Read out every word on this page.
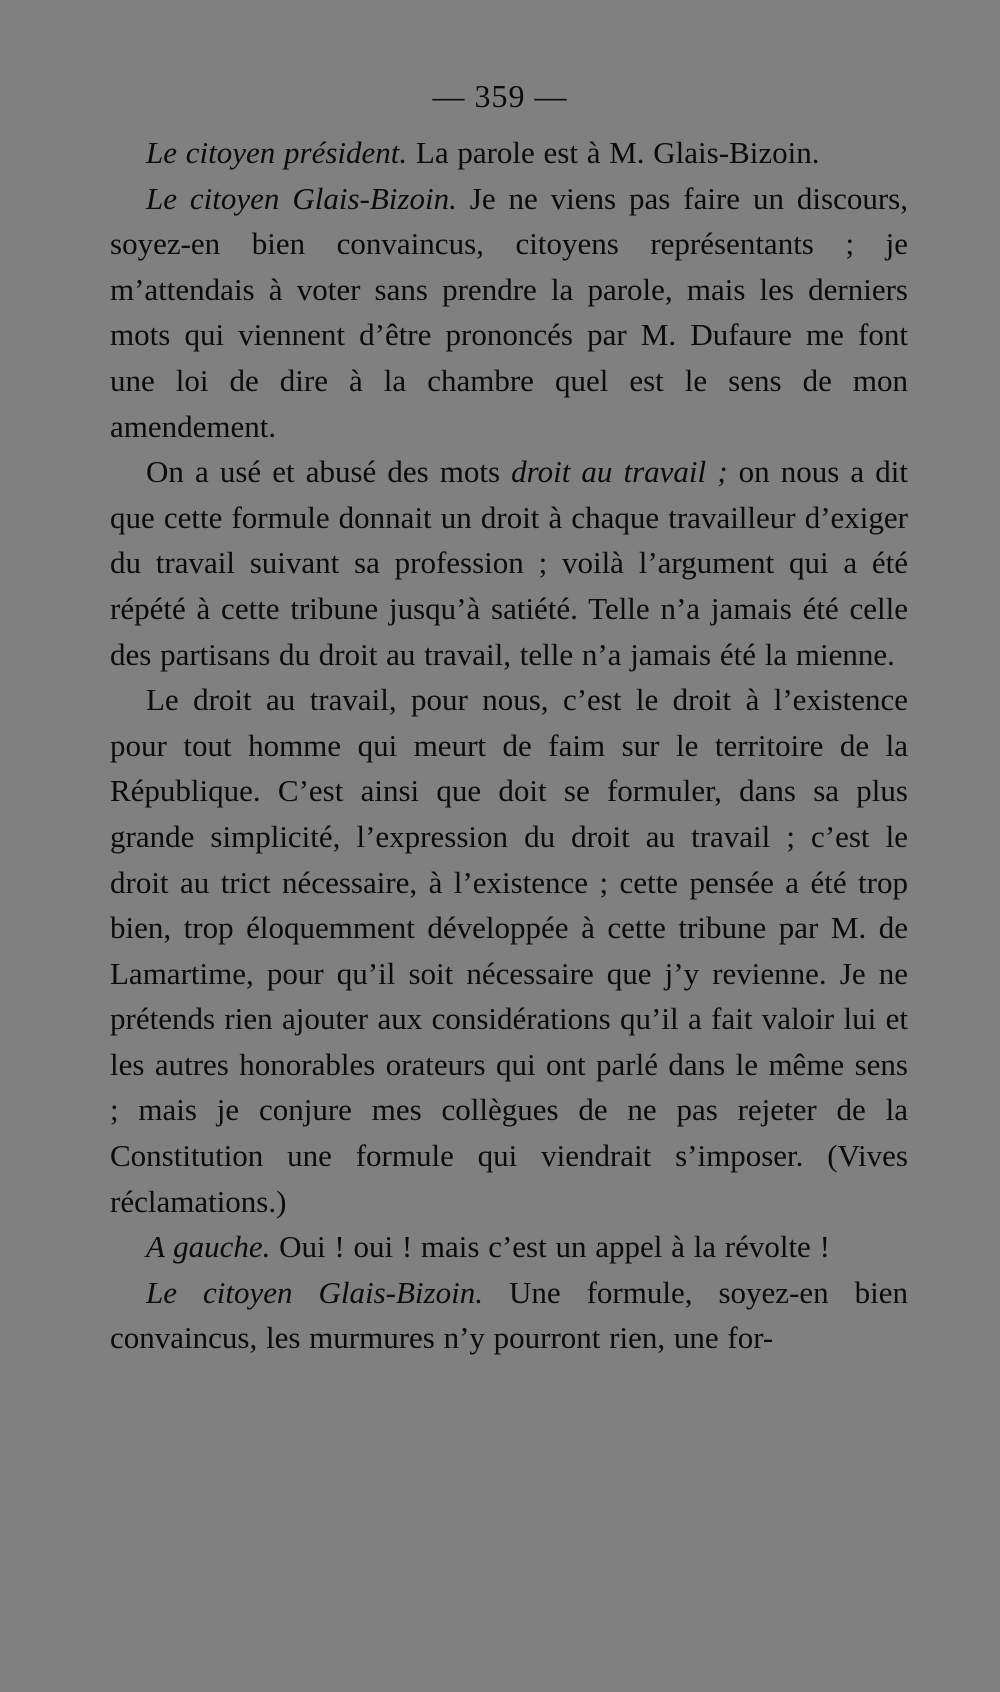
— 359 —

Le citoyen président. La parole est à M. Glais-Bizoin.

Le citoyen Glais-Bizoin. Je ne viens pas faire un discours, soyez-en bien convaincus, citoyens représentants ; je m’attendais à voter sans prendre la parole, mais les derniers mots qui viennent d’être prononcés par M. Dufaure me font une loi de dire à la chambre quel est le sens de mon amendement.

On a usé et abusé des mots droit au travail ; on nous a dit que cette formule donnait un droit à chaque travailleur d’exiger du travail suivant sa profession ; voilà l’argument qui a été répété à cette tribune jusqu’à satiété. Telle n’a jamais été celle des partisans du droit au travail, telle n’a jamais été la mienne.

Le droit au travail, pour nous, c’est le droit à l’existence pour tout homme qui meurt de faim sur le territoire de la République. C’est ainsi que doit se formuler, dans sa plus grande simplicité, l’expression du droit au travail ; c’est le droit au trict nécessaire, à l’existence ; cette pensée a été trop bien, trop éloquemment développée à cette tribune par M. de Lamartime, pour qu’il soit nécessaire que j’y revienne. Je ne prétends rien ajouter aux considérations qu’il a fait valoir lui et les autres honorables orateurs qui ont parlé dans le même sens ; mais je conjure mes collègues de ne pas rejeter de la Constitution une formule qui viendrait s’imposer. (Vives réclamations.)

A gauche. Oui ! oui ! mais c’est un appel à la révolte !

Le citoyen Glais-Bizoin. Une formule, soyez-en bien convaincus, les murmures n’y pourront rien, une for-
